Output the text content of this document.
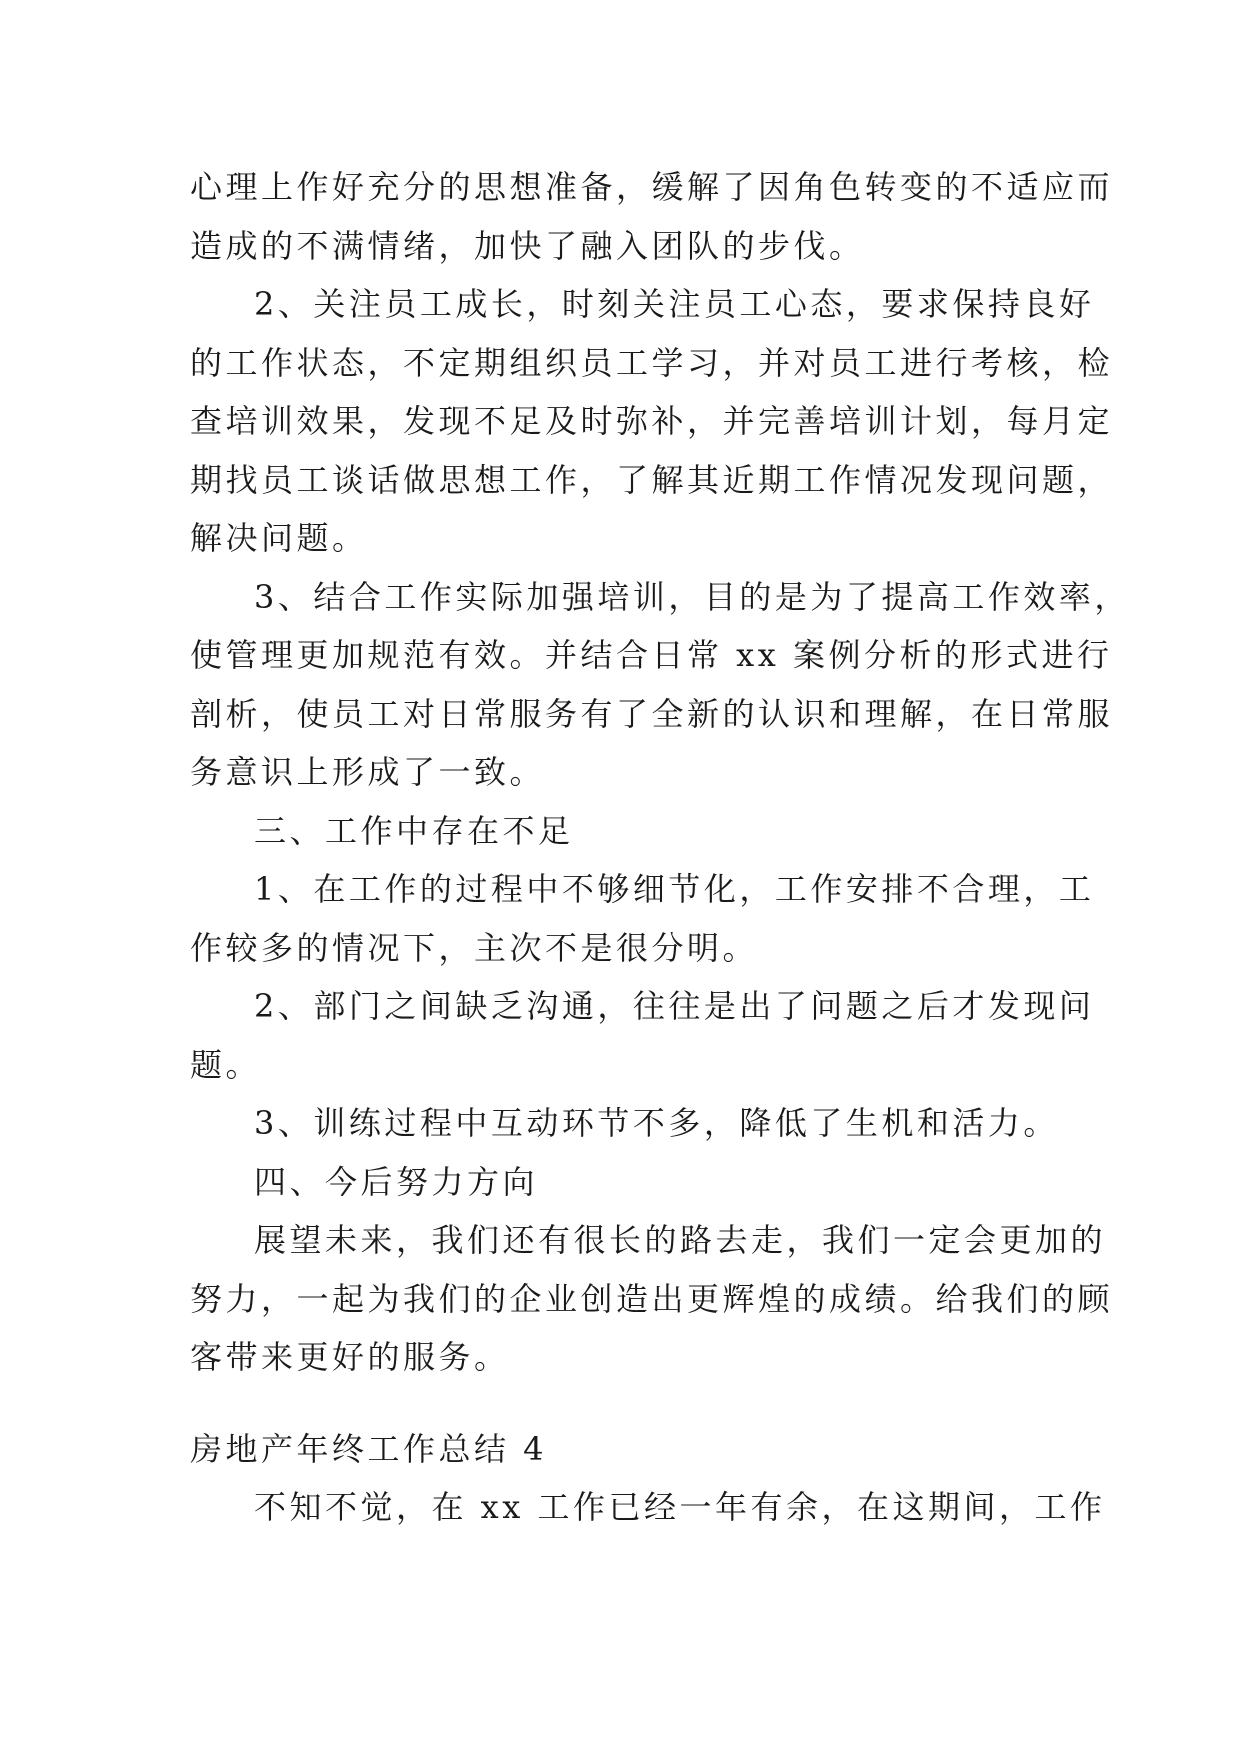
心理上作好充分的思想准备，缓解了因角色转变的不适应而
造成的不满情绪，加快了融入团队的步伐。
2、关注员工成长，时刻关注员工心态，要求保持良好
的工作状态，不定期组织员工学习，并对员工进行考核，检
查培训效果，发现不足及时弥补，并完善培训计划，每月定
期找员工谈话做思想工作，了解其近期工作情况发现问题，
解决问题。
3、结合工作实际加强培训，目的是为了提高工作效率，
使管理更加规范有效。并结合日常 xx 案例分析的形式进行
剖析，使员工对日常服务有了全新的认识和理解，在日常服
务意识上形成了一致。
三、工作中存在不足
1、在工作的过程中不够细节化，工作安排不合理，工
作较多的情况下，主次不是很分明。
2、部门之间缺乏沟通，往往是出了问题之后才发现问
题。
3、训练过程中互动环节不多，降低了生机和活力。
四、今后努力方向
展望未来，我们还有很长的路去走，我们一定会更加的
努力，一起为我们的企业创造出更辉煌的成绩。给我们的顾
客带来更好的服务。
房地产年终工作总结 4
不知不觉，在 xx 工作已经一年有余，在这期间，工作
